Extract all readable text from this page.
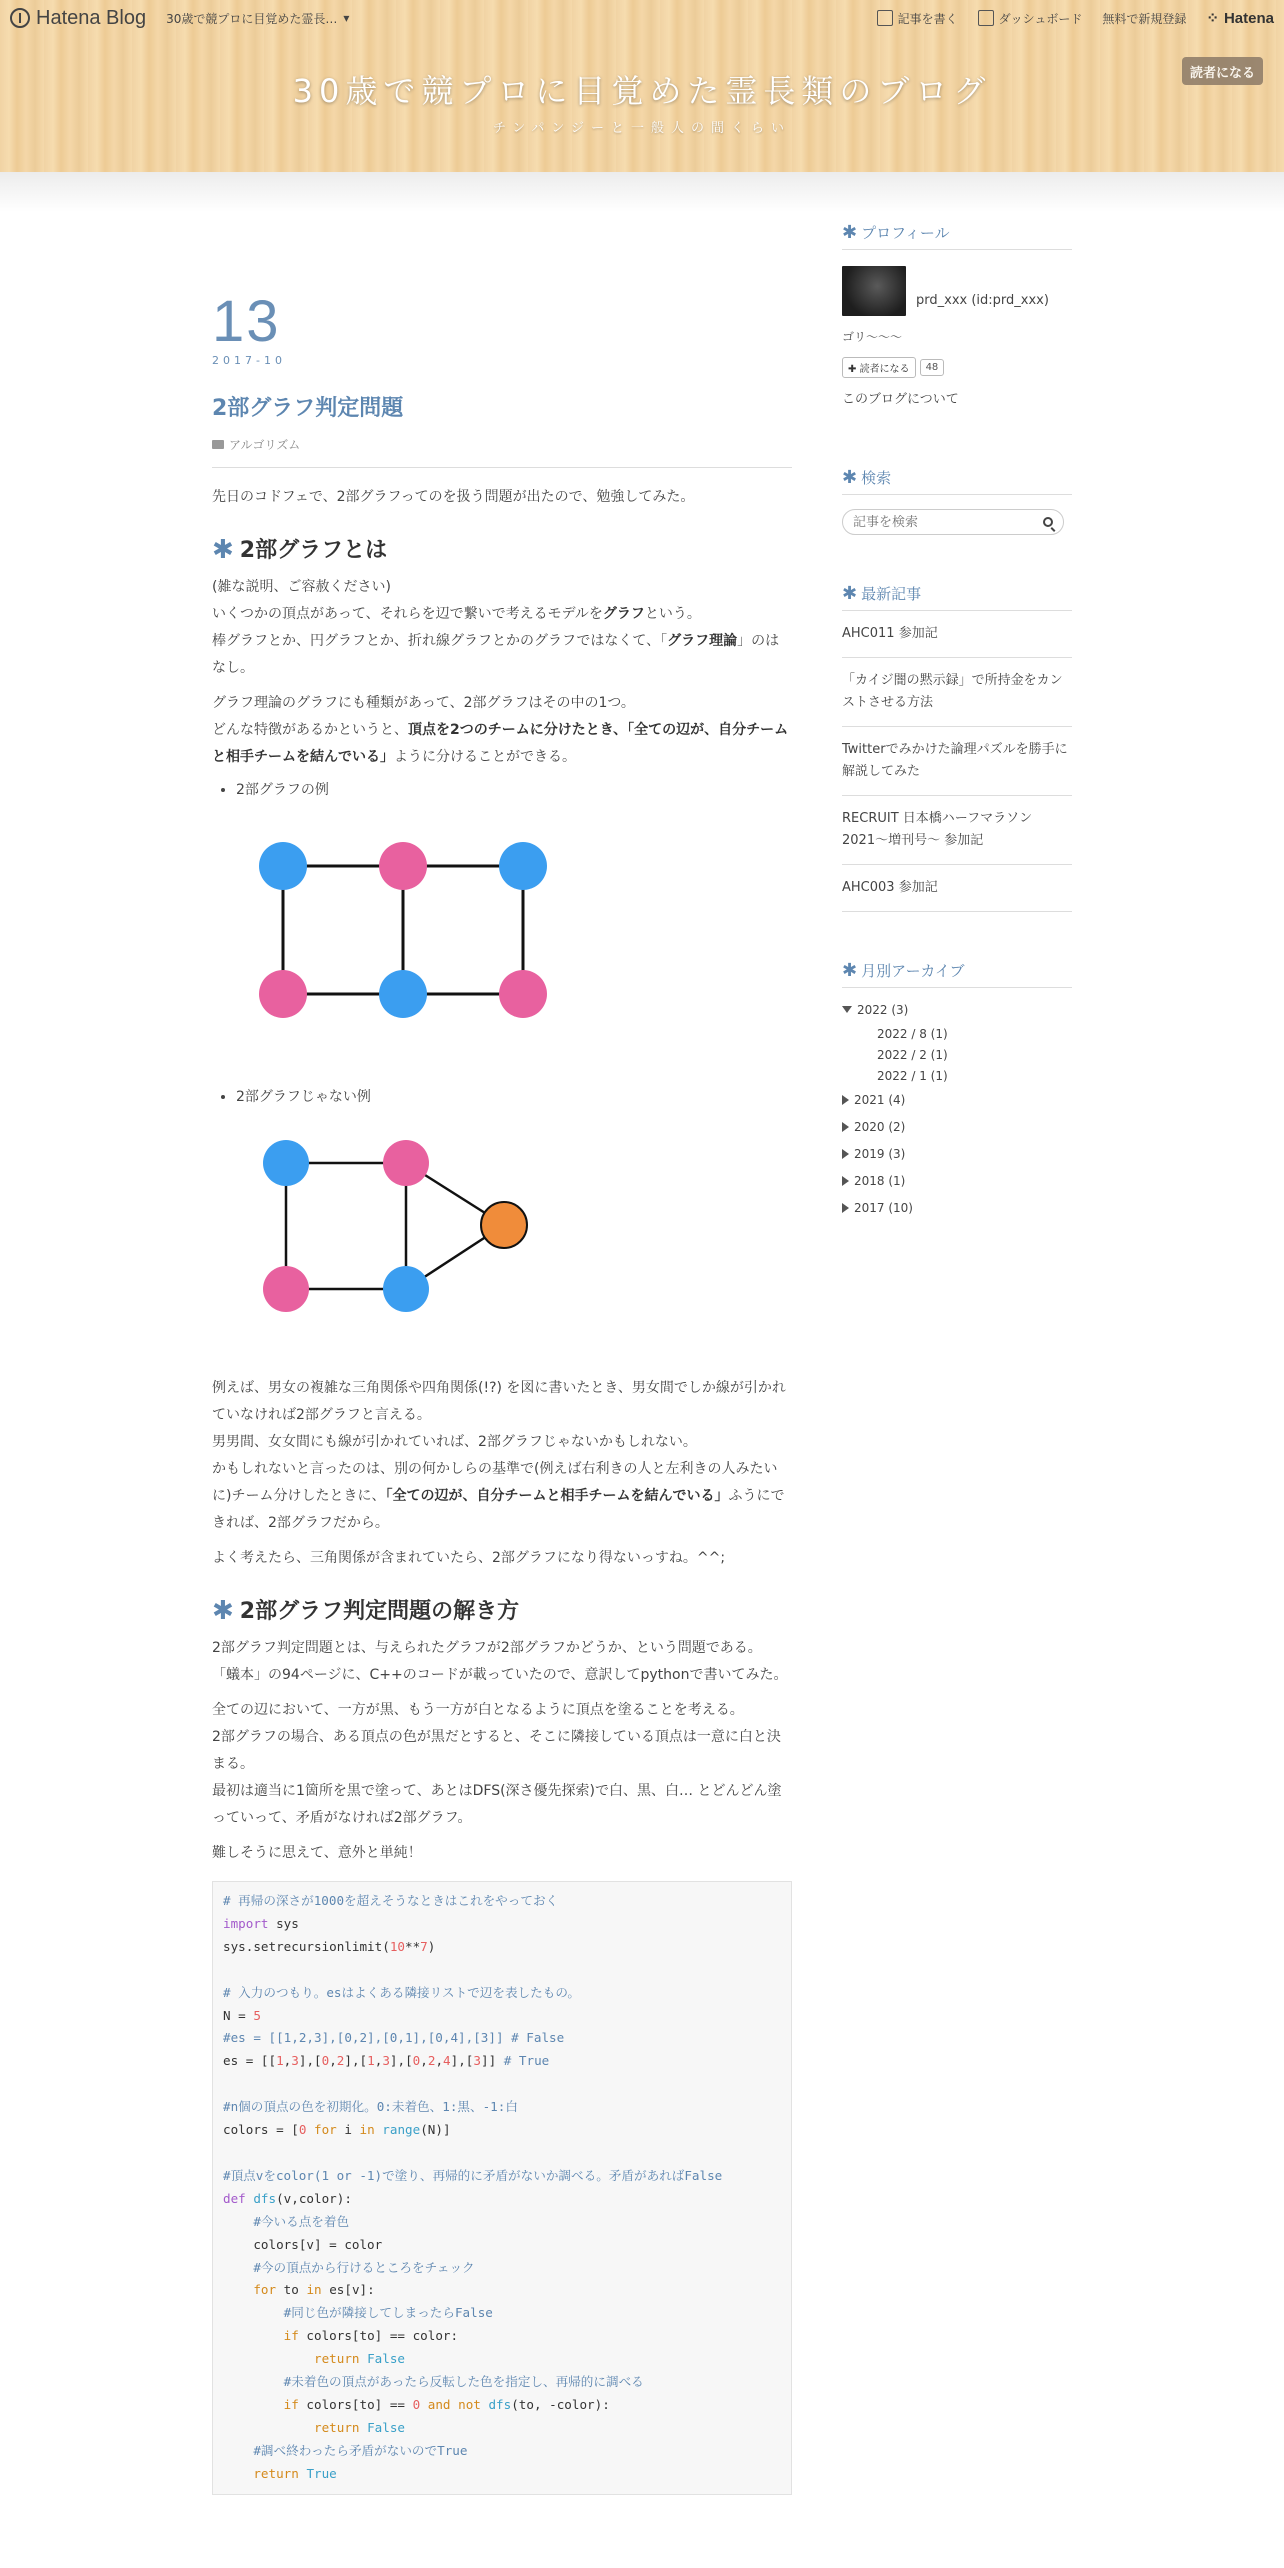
Hatena Blog 30歳で競プロに目覚めた霊長… ▾	記事を書く	ダッシュボード 無料で新規登録 ⁘ Hatena
30歳で競プロに目覚めた霊長類のブログ
チンパンジーと一般人の間くらい
読者になる
13
2017-10
2部グラフ判定問題
アルゴリズム

先日のコドフェで、2部グラフってのを扱う問題が出たので、勉強してみた。

✱ 2部グラフとは

(雑な説明、ご容赦ください)
いくつかの頂点があって、それらを辺で繋いで考えるモデルをグラフという。
棒グラフとか、円グラフとか、折れ線グラフとかのグラフではなくて、「グラフ理論」のはなし。

グラフ理論のグラフにも種類があって、2部グラフはその中の1つ。
どんな特徴があるかというと、頂点を2つのチームに分けたとき、「全ての辺が、自分チームと相手チームを結んでいる」ように分けることができる。

• 2部グラフの例
• 2部グラフじゃない例

例えば、男女の複雑な三角関係や四角関係(!?) を図に書いたとき、男女間でしか線が引かれていなければ2部グラフと言える。
男男間、女女間にも線が引かれていれば、2部グラフじゃないかもしれない。
かもしれないと言ったのは、別の何かしらの基準で(例えば右利きの人と左利きの人みたいに)チーム分けしたときに、「全ての辺が、自分チームと相手チームを結んでいる」ふうにできれば、2部グラフだから。

よく考えたら、三角関係が含まれていたら、2部グラフになり得ないっすね。^^;

✱ 2部グラフ判定問題の解き方

2部グラフ判定問題とは、与えられたグラフが2部グラフかどうか、という問題である。
「蟻本」の94ページに、C++のコードが載っていたので、意訳してpythonで書いてみた。

全ての辺において、一方が黒、もう一方が白となるように頂点を塗ることを考える。
2部グラフの場合、ある頂点の色が黒だとすると、そこに隣接している頂点は一意に白と決まる。
最初は適当に1箇所を黒で塗って、あとはDFS(深さ優先探索)で白、黒、白… とどんどん塗っていって、矛盾がなければ2部グラフ。

難しそうに思えて、意外と単純！

# 再帰の深さが1000を超えそうなときはこれをやっておく
import sys
sys.setrecursionlimit(10**7)

# 入力のつもり。esはよくある隣接リストで辺を表したもの。
N = 5
#es = [[1,2,3],[0,2],[0,1],[0,4],[3]] # False
es = [[1,3],[0,2],[1,3],[0,2,4],[3]] # True

#n個の頂点の色を初期化。0:未着色、1:黒、-1:白
colors = [0 for i in range(N)]

#頂点vをcolor(1 or -1)で塗り、再帰的に矛盾がないか調べる。矛盾があればFalse
def dfs(v,color):
#今いる点を着色
colors[v] = color
#今の頂点から行けるところをチェック
for to in es[v]:
#同じ色が隣接してしまったらFalse
if colors[to] == color:
return False
#未着色の頂点があったら反転した色を指定し、再帰的に調べる
if colors[to] == 0 and not dfs(to, -color):
return False
#調べ終わったら矛盾がないのでTrue
return True
✱ プロフィール
prd_xxx (id:prd_xxx)
ゴリ～～～
✚ 読者になる	48
このブログについて
✱ 検索
記事を検索
✱ 最新記事
AHC011 参加記
「カイジ闇の黙示録」で所持金をカンストさせる方法
Twitterでみかけた論理パズルを勝手に解説してみた
RECRUIT 日本橋ハーフマラソン 2021〜増刊号〜 参加記
AHC003 参加記
✱ 月別アーカイブ
2022 (3)
2022 / 8 (1)
2022 / 2 (1)
2022 / 1 (1)
2021 (4)
2020 (2)
2019 (3)
2018 (1)
2017 (10)
